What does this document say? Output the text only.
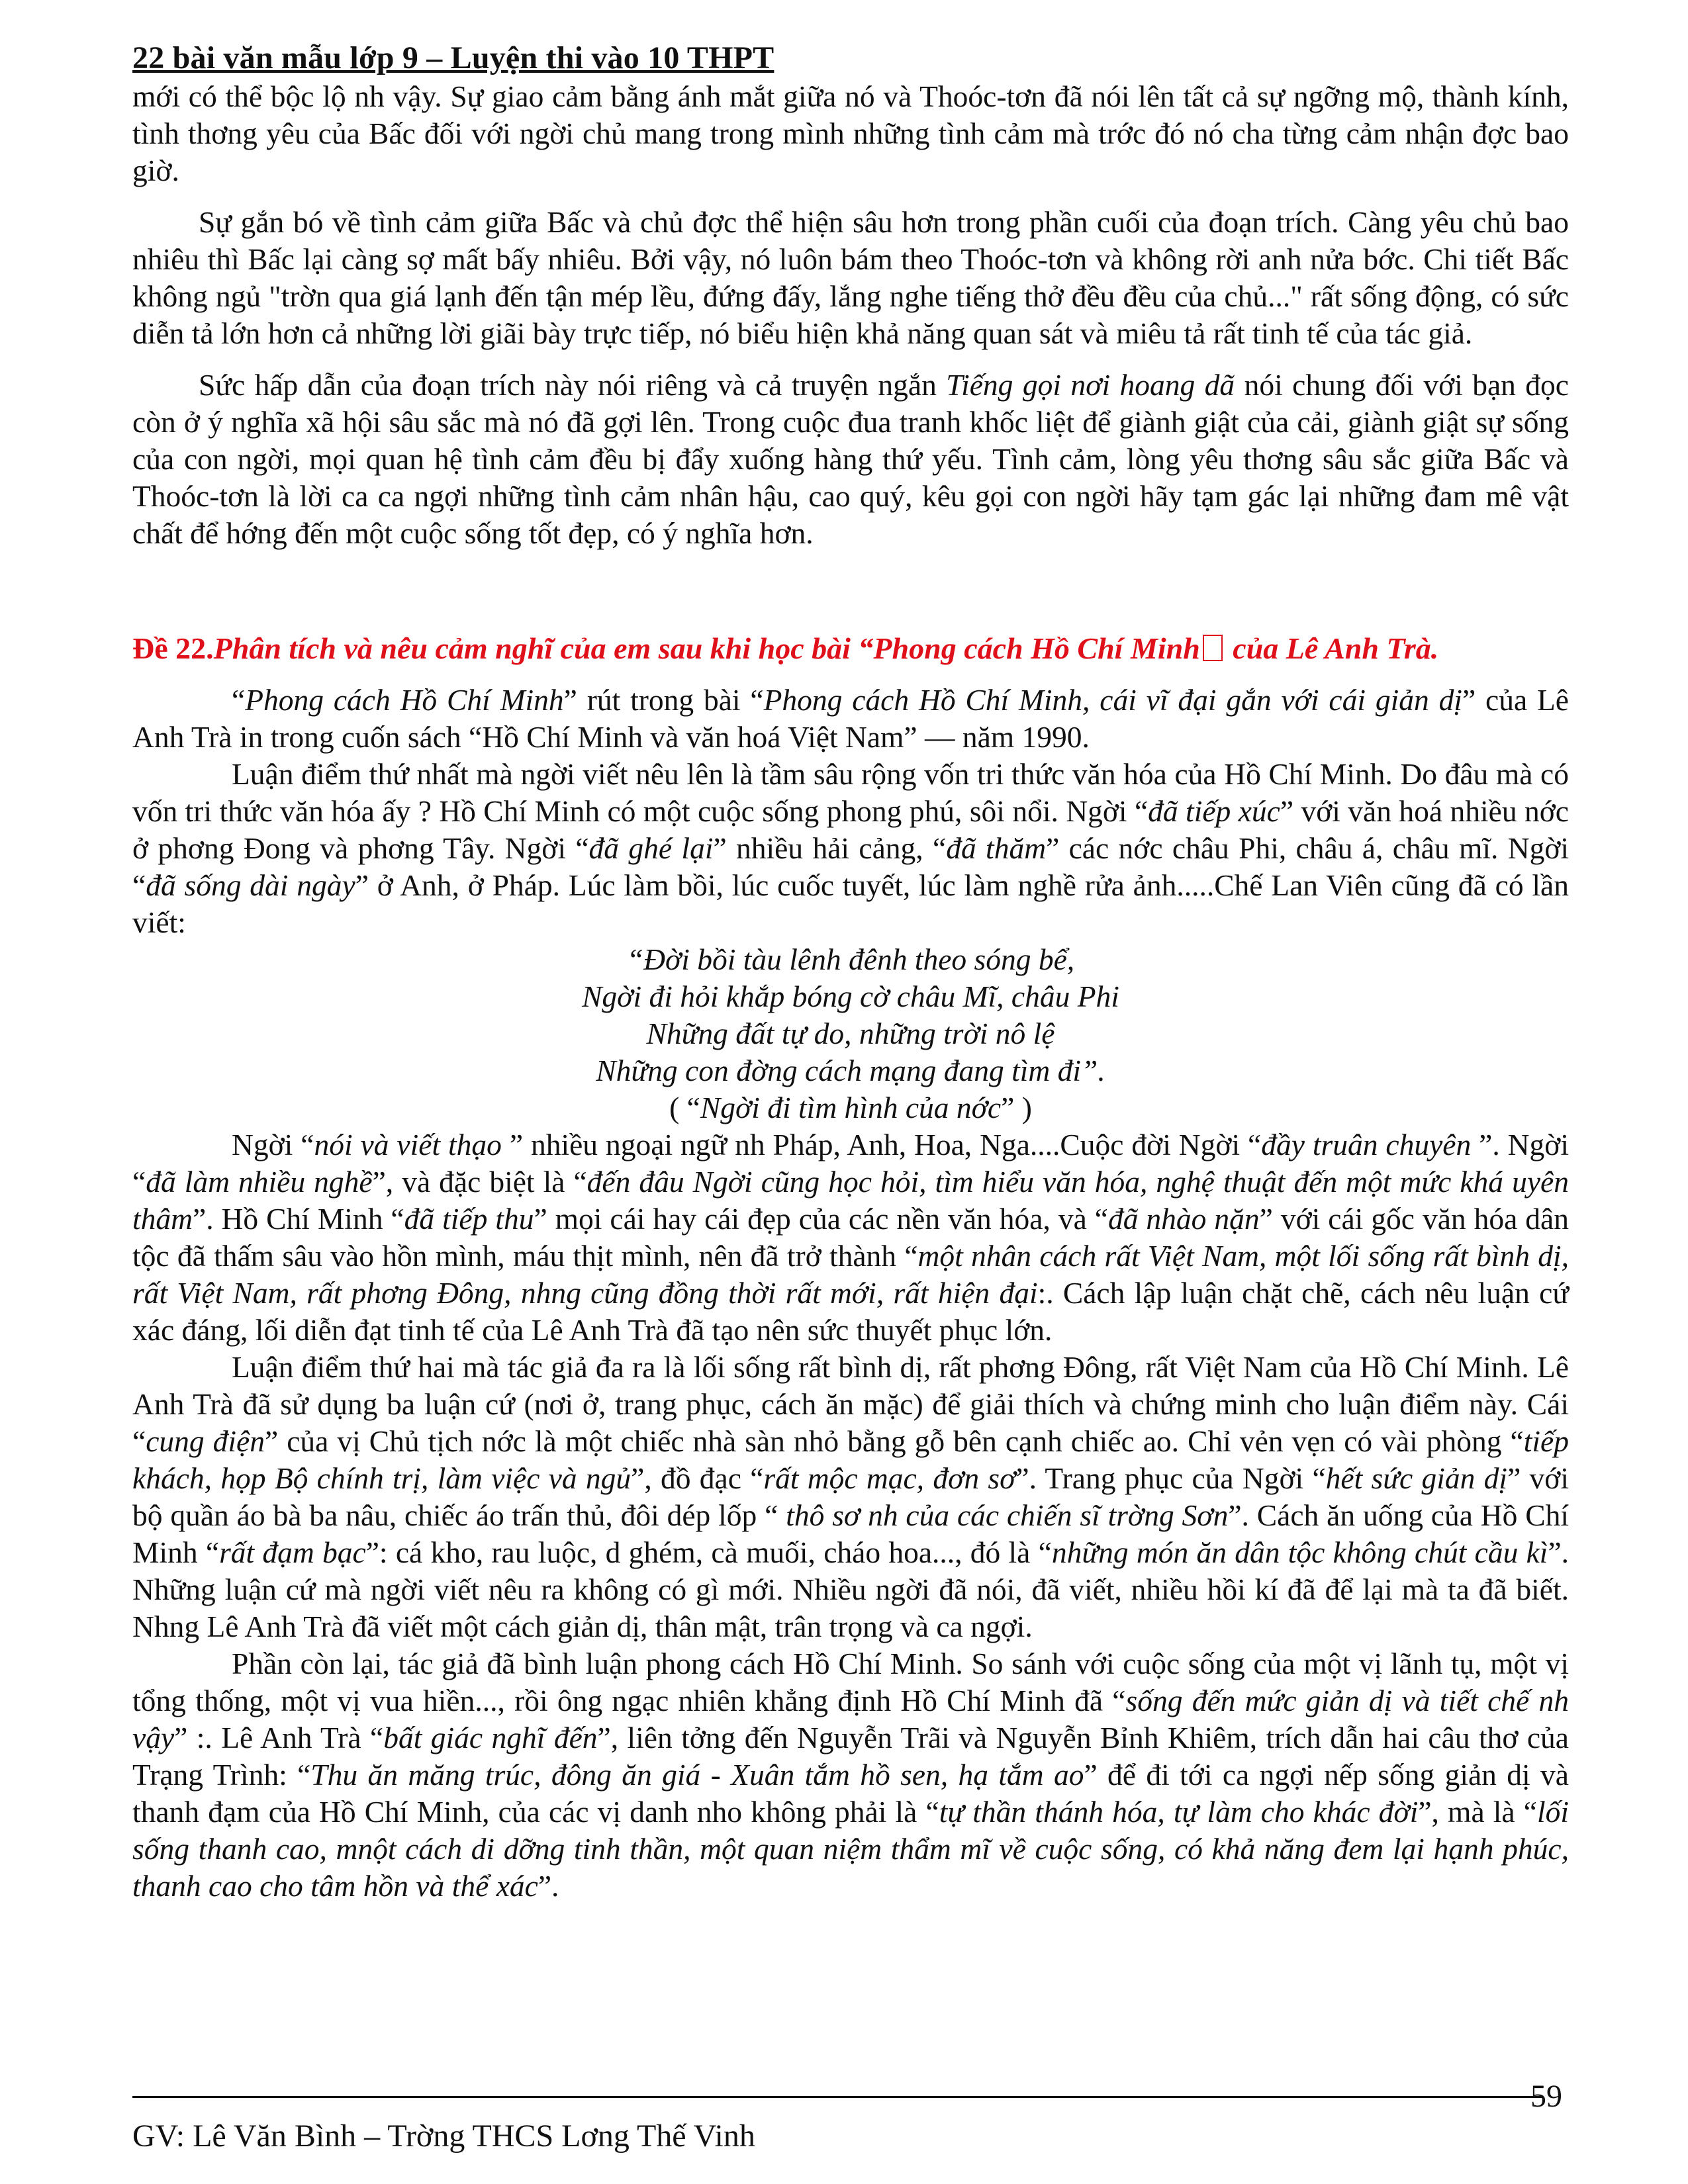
22 bài văn mẫu lớp 9 – Luyện thi vào 10 THPT

mới có thể bộc lộ nh vậy. Sự giao cảm bằng ánh mắt giữa nó và Thoóc-tơn đã nói lên tất cả sự ngỡng mộ, thành kính, tình thơng yêu của Bấc đối với ngời chủ mang trong mình những tình cảm mà trớc đó nó cha từng cảm nhận đợc bao giờ.

Sự gắn bó về tình cảm giữa Bấc và chủ đợc thể hiện sâu hơn trong phần cuối của đoạn trích. Càng yêu chủ bao nhiêu thì Bấc lại càng sợ mất bấy nhiêu. Bởi vậy, nó luôn bám theo Thoóc-tơn và không rời anh nửa bớc. Chi tiết Bấc không ngủ "trờn qua giá lạnh đến tận mép lều, đứng đấy, lắng nghe tiếng thở đều đều của chủ..." rất sống động, có sức diễn tả lớn hơn cả những lời giãi bày trực tiếp, nó biểu hiện khả năng quan sát và miêu tả rất tinh tế của tác giả.

Sức hấp dẫn của đoạn trích này nói riêng và cả truyện ngắn Tiếng gọi nơi hoang dã nói chung đối với bạn đọc còn ở ý nghĩa xã hội sâu sắc mà nó đã gợi lên. Trong cuộc đua tranh khốc liệt để giành giật của cải, giành giật sự sống của con ngời, mọi quan hệ tình cảm đều bị đẩy xuống hàng thứ yếu. Tình cảm, lòng yêu thơng sâu sắc giữa Bấc và Thoóc-tơn là lời ca ca ngợi những tình cảm nhân hậu, cao quý, kêu gọi con ngời hãy tạm gác lại những đam mê vật chất để hớng đến một cuộc sống tốt đẹp, có ý nghĩa hơn.

Đề 22.Phân tích và nêu cảm nghĩ của em sau khi học bài “Phong cách Hồ Chí Minh của Lê Anh Trà.

“Phong cách Hồ Chí Minh” rút trong bài “Phong cách Hồ Chí Minh, cái vĩ đại gắn với cái giản dị” của Lê Anh Trà in trong cuốn sách “Hồ Chí Minh và văn hoá Việt Nam” — năm 1990.

Luận điểm thứ nhất mà ngời viết nêu lên là tầm sâu rộng vốn tri thức văn hóa của Hồ Chí Minh. Do đâu mà có vốn tri thức văn hóa ấy ? Hồ Chí Minh có một cuộc sống phong phú, sôi nổi. Ngời “đã tiếp xúc” với văn hoá nhiều nớc ở phơng Đong và phơng Tây. Ngời “đã ghé lại” nhiều hải cảng, “đã thăm” các nớc châu Phi, châu á, châu mĩ. Ngời “đã sống dài ngày” ở Anh, ở Pháp. Lúc làm bồi, lúc cuốc tuyết, lúc làm nghề rửa ảnh.....Chế Lan Viên cũng đã có lần viết:

“Đời bồi tàu lênh đênh theo sóng bể,

Ngời đi hỏi khắp bóng cờ châu Mĩ, châu Phi

Những đất tự do, những trời nô lệ

Những con đờng cách mạng đang tìm đi”.

( “Ngời đi tìm hình của nớc” )

Ngời “nói và viết thạo ” nhiều ngoại ngữ nh Pháp, Anh, Hoa, Nga....Cuộc đời Ngời “đầy truân chuyên ”. Ngời “đã làm nhiều nghề”, và đặc biệt là “đến đâu Ngời cũng học hỏi, tìm hiểu văn hóa, nghệ thuật đến một mức khá uyên thâm”. Hồ Chí Minh “đã tiếp thu” mọi cái hay cái đẹp của các nền văn hóa, và “đã nhào nặn” với cái gốc văn hóa dân tộc đã thấm sâu vào hồn mình, máu thịt mình, nên đã trở thành “một nhân cách rất Việt Nam, một lối sống rất bình dị, rất Việt Nam, rất phơng Đông, nhng cũng đồng thời rất mới, rất hiện đại:. Cách lập luận chặt chẽ, cách nêu luận cứ xác đáng, lối diễn đạt tinh tế của Lê Anh Trà đã tạo nên sức thuyết phục lớn.

Luận điểm thứ hai mà tác giả đa ra là lối sống rất bình dị, rất phơng Đông, rất Việt Nam của Hồ Chí Minh. Lê Anh Trà đã sử dụng ba luận cứ (nơi ở, trang phục, cách ăn mặc) để giải thích và chứng minh cho luận điểm này. Cái “cung điện” của vị Chủ tịch nớc là một chiếc nhà sàn nhỏ bằng gỗ bên cạnh chiếc ao. Chỉ vẻn vẹn có vài phòng “tiếp khách, họp Bộ chính trị, làm việc và ngủ”, đồ đạc “rất mộc mạc, đơn sơ”. Trang phục của Ngời “hết sức giản dị” với bộ quần áo bà ba nâu, chiếc áo trấn thủ, đôi dép lốp “ thô sơ nh của các chiến sĩ trờng Sơn”. Cách ăn uống của Hồ Chí Minh “rất đạm bạc”: cá kho, rau luộc, d ghém, cà muối, cháo hoa..., đó là “những món ăn dân tộc không chút cầu kì”. Những luận cứ mà ngời viết nêu ra không có gì mới. Nhiều ngời đã nói, đã viết, nhiều hồi kí đã để lại mà ta đã biết. Nhng Lê Anh Trà đã viết một cách giản dị, thân mật, trân trọng và ca ngợi.

Phần còn lại, tác giả đã bình luận phong cách Hồ Chí Minh. So sánh với cuộc sống của một vị lãnh tụ, một vị tổng thống, một vị vua hiền..., rồi ông ngạc nhiên khẳng định Hồ Chí Minh đã “sống đến mức giản dị và tiết chế nh vậy” :. Lê Anh Trà “bất giác nghĩ đến”, liên tởng đến Nguyễn Trãi và Nguyễn Bỉnh Khiêm, trích dẫn hai câu thơ của Trạng Trình: “Thu ăn măng trúc, đông ăn giá - Xuân tắm hồ sen, hạ tắm ao” để đi tới ca ngợi nếp sống giản dị và thanh đạm của Hồ Chí Minh, của các vị danh nho không phải là “tự thần thánh hóa, tự làm cho khác đời”, mà là “lối sống thanh cao, mnột cách di dỡng tinh thần, một quan niệm thẩm mĩ về cuộc sống, có khả năng đem lại hạnh phúc, thanh cao cho tâm hồn và thể xác”.

59
GV: Lê Văn Bình – Trờng THCS Lơng Thế Vinh
